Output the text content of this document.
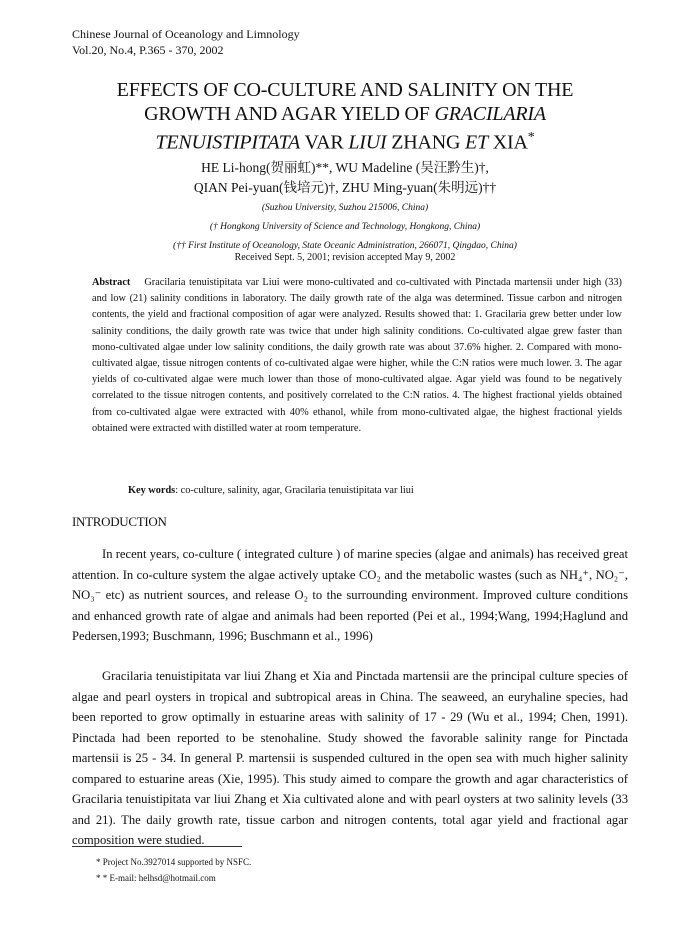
Chinese Journal of Oceanology and Limnology
Vol.20, No.4, P.365 - 370, 2002
EFFECTS OF CO-CULTURE AND SALINITY ON THE
GROWTH AND AGAR YIELD OF GRACILARIA
TENUISTIPITATA VAR LIUI ZHANG ET XIA*
HE Li-hong(贺丽虹)**, WU Madeline (吴汪黔生)†,
QIAN Pei-yuan(钱培元)†, ZHU Ming-yuan(朱明远)††
(Suzhou University, Suzhou 215006, China)
(† Hongkong University of Science and Technology, Hongkong, China)
(†† First Institute of Oceanology, State Oceanic Administration, 266071, Qingdao, China)
Received Sept. 5, 2001; revision accepted May 9, 2002
Abstract Gracilaria tenuistipitata var Liui were mono-cultivated and co-cultivated with Pinctada martensii under high (33) and low (21) salinity conditions in laboratory. The daily growth rate of the alga was determined. Tissue carbon and nitrogen contents, the yield and fractional composition of agar were analyzed. Results showed that: 1. Gracilaria grew better under low salinity conditions, the daily growth rate was twice that under high salinity conditions. Co-cultivated algae grew faster than mono-cultivated algae under low salinity conditions, the daily growth rate was about 37.6% higher. 2. Compared with mono-cultivated algae, tissue nitrogen contents of co-cultivated algae were higher, while the C:N ratios were much lower. 3. The agar yields of co-cultivated algae were much lower than those of mono-cultivated algae. Agar yield was found to be negatively correlated to the tissue nitrogen contents, and positively correlated to the C:N ratios. 4. The highest fractional yields obtained from co-cultivated algae were extracted with 40% ethanol, while from mono-cultivated algae, the highest fractional yields obtained were extracted with distilled water at room temperature.
Key words: co-culture, salinity, agar, Gracilaria tenuistipitata var liui
INTRODUCTION
In recent years, co-culture ( integrated culture ) of marine species (algae and animals) has received great attention. In co-culture system the algae actively uptake CO₂ and the metabolic wastes (such as NH₄⁺, NO₂⁻, NO₃⁻ etc) as nutrient sources, and release O₂ to the surrounding environment. Improved culture conditions and enhanced growth rate of algae and animals had been reported (Pei et al., 1994;Wang, 1994;Haglund and Pedersen,1993; Buschmann, 1996; Buschmann et al., 1996)
Gracilaria tenuistipitata var liui Zhang et Xia and Pinctada martensii are the principal culture species of algae and pearl oysters in tropical and subtropical areas in China. The seaweed, an euryhaline species, had been reported to grow optimally in estuarine areas with salinity of 17 - 29 (Wu et al., 1994; Chen, 1991). Pinctada had been reported to be stenohaline. Study showed the favorable salinity range for Pinctada martensii is 25 - 34. In general P. martensii is suspended cultured in the open sea with much higher salinity compared to estuarine areas (Xie, 1995). This study aimed to compare the growth and agar characteristics of Gracilaria tenuistipitata var liui Zhang et Xia cultivated alone and with pearl oysters at two salinity levels (33 and 21). The daily growth rate, tissue carbon and nitrogen contents, total agar yield and fractional agar composition were studied.
* Project No.3927014 supported by NSFC.
* * E-mail: helhsd@hotmail.com
